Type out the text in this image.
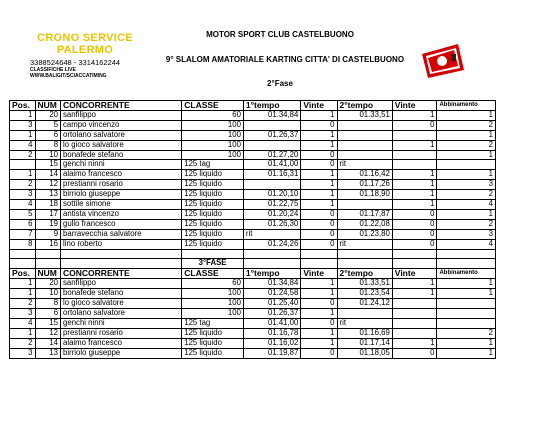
CRONO SERVICE
PALERMO
3388524648 - 3314162244
CLASSIFICHE LIVE
WWW.BALIGIT/SCIACCATIMING
MOTOR SPORT CLUB CASTELBUONO
9° SLALOM AMATORIALE KARTING CITTA' DI CASTELBUONO
2°Fase
Pos.	NUM	CONCORRENTE	CLASSE	1°tempo	Vinte	2°tempo	Vinte	Abbinamento
1	20	sanfilippo	60	01.34,84	1	01.33,51	1	1
3	5	campo vincenzo	100		0		0	2
1	6	ortolano salvatore	100	01.26,37	1			1
4	8	lo gioco salvatore	100		1		1	2
2	10	bonafede stefano	100	01.27,20	0			1
	15	genchi ninni	125 tag	01.41,00	0	rit		
1	14	alaimo francesco	125 liquido	01.16,31	1	01.16,42	1	1
2	12	prestianni rosario	125 liquido		1	01.17,26	1	3
3	13	birriolo giuseppe	125 liquido	01.20,10	1	01.18,90	1	2
4	18	sottile simone	125 liquido	01.22,75	1		1	4
5	17	antista vincenzo	125 liquido	01.20,24	0	01.17,87	0	1
6	19	gullo francesco	125 liquido	01.26,30	0	01.22,08	0	2
7	9	barravecchia salvatore	125 liquido	rit	0	01.23,80	0	3
8	16	lino roberto	125 liquido	01.24,26	0	rit	0	4

			3°FASE					
Pos.	NUM	CONCORRENTE	CLASSE	1°tempo	Vinte	2°tempo	Vinte	Abbinamento
1	20	sanfilippo	60	01.34,84	1	01.33,51	1	1
1	10	bonafede stefano	100	01.24,58	1	01.23,54	1	1
2	8	lo gioco salvatore	100	01.25,40	0	01.24,12		
3	6	ortolano salvatore	100	01.26,37	1			
4	15	genchi ninni	125 tag	01.41,00	0	rit		
1	12	prestianni rosario	125 liquido	01.16,78	1	01.16,69		2
2	14	alaimo francesco	125 liquido	01.16,02	1	01.17,14	1	1
3	13	birriolo giuseppe	125 liquido	01.19,87	0	01.18,05	0	1
